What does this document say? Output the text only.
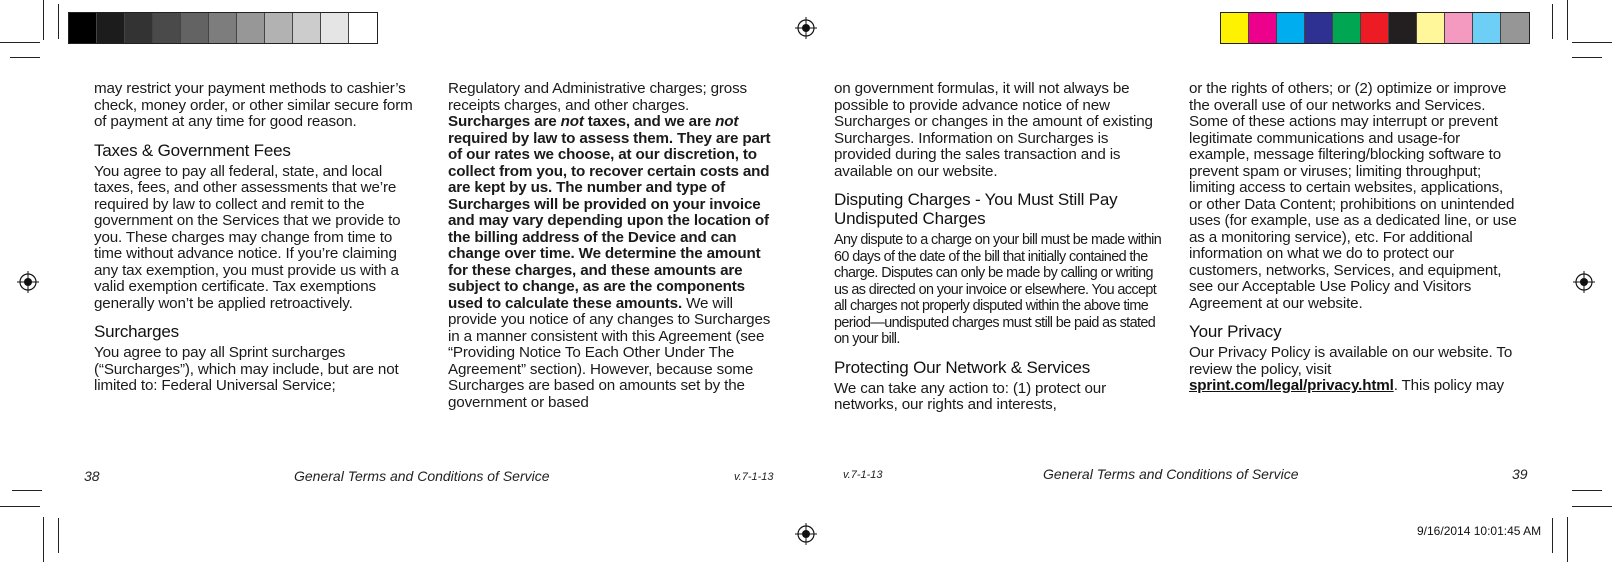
may restrict your payment methods to cashier’s check, money order, or other similar secure form of payment at any time for good reason.

Taxes & Government Fees

You agree to pay all federal, state, and local taxes, fees, and other assessments that we’re required by law to collect and remit to the government on the Services that we provide to you. These charges may change from time to time without advance notice. If you’re claiming any tax exemption, you must provide us with a valid exemption certificate. Tax exemptions generally won’t be applied retroactively.

Surcharges

You agree to pay all Sprint surcharges (“Surcharges”), which may include, but are not limited to: Federal Universal Service;

Regulatory and Administrative charges; gross receipts charges, and other charges.
Surcharges are not taxes, and we are not required by law to assess them. They are part of our rates we choose, at our discretion, to collect from you, to recover certain costs and are kept by us. The number and type of Surcharges will be provided on your invoice and may vary depending upon the location of the billing address of the Device and can change over time. We determine the amount for these charges, and these amounts are subject to change, as are the components used to calculate these amounts. We will provide you notice of any changes to Surcharges in a manner consistent with this Agreement (see “Providing Notice To Each Other Under The Agreement” section). However, because some Surcharges are based on amounts set by the government or based

on government formulas, it will not always be possible to provide advance notice of new Surcharges or changes in the amount of existing Surcharges. Information on Surcharges is provided during the sales transaction and is available on our website.

Disputing Charges - You Must Still Pay Undisputed Charges

Any dispute to a charge on your bill must be made within 60 days of the date of the bill that initially contained the charge. Disputes can only be made by calling or writing us as directed on your invoice or elsewhere. You accept all charges not properly disputed within the above time period—undisputed charges must still be paid as stated on your bill.

Protecting Our Network & Services

We can take any action to: (1) protect our networks, our rights and interests,

or the rights of others; or (2) optimize or improve the overall use of our networks and Services. Some of these actions may interrupt or prevent legitimate communications and usage-for example, message filtering/blocking software to prevent spam or viruses; limiting throughput; limiting access to certain websites, applications, or other Data Content; prohibitions on unintended uses (for example, use as a dedicated line, or use as a monitoring service), etc. For additional information on what we do to protect our customers, networks, Services, and equipment, see our Acceptable Use Policy and Visitors Agreement at our website.

Your Privacy

Our Privacy Policy is available on our website. To review the policy, visit sprint.com/legal/privacy.html. This policy may

38	General Terms and Conditions of Service	v.7-1-13	v.7-1-13	General Terms and Conditions of Service	39
9/16/2014 10:01:45 AM
